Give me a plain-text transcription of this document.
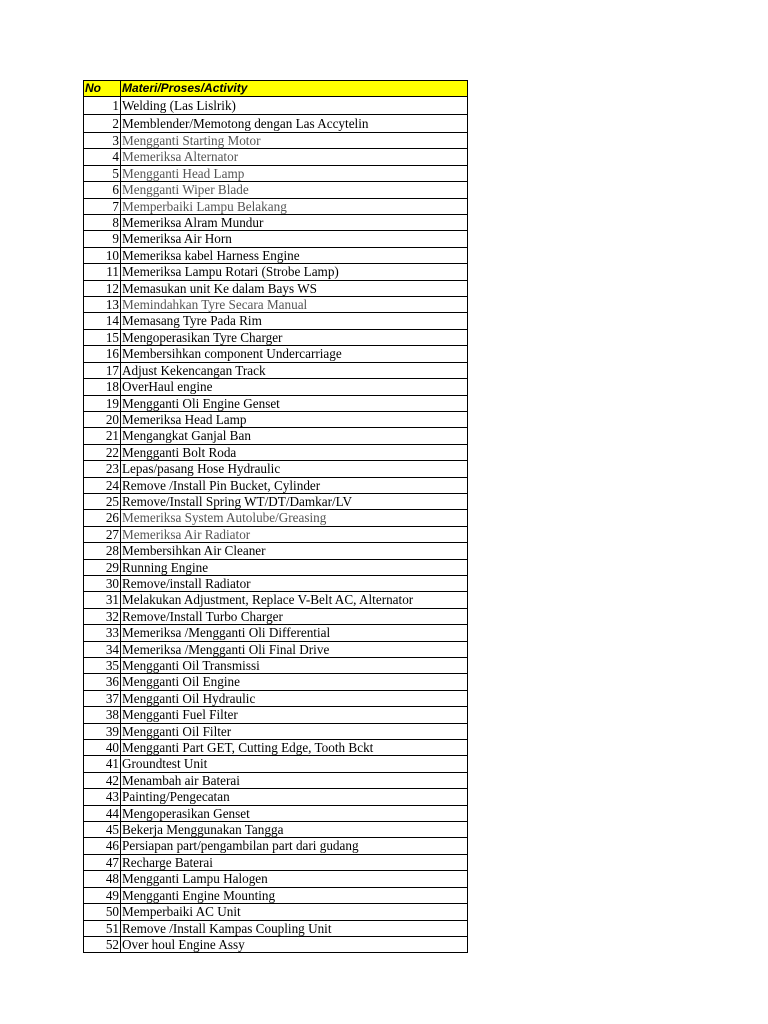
No	Materi/Proses/Activity
1	Welding (Las Lislrik)
2	Memblender/Memotong dengan Las Accytelin
3	Mengganti Starting Motor
4	Memeriksa Alternator
5	Mengganti Head Lamp
6	Mengganti Wiper Blade
7	Memperbaiki Lampu Belakang
8	Memeriksa Alram Mundur
9	Memeriksa Air Horn
10	Memeriksa kabel Harness Engine
11	Memeriksa Lampu Rotari (Strobe Lamp)
12	Memasukan unit Ke dalam Bays WS
13	Memindahkan Tyre Secara Manual
14	Memasang Tyre Pada Rim
15	Mengoperasikan Tyre Charger
16	Membersihkan component Undercarriage
17	Adjust Kekencangan Track
18	OverHaul engine
19	Mengganti Oli Engine Genset
20	Memeriksa Head Lamp
21	Mengangkat Ganjal Ban
22	Mengganti Bolt Roda
23	Lepas/pasang Hose Hydraulic
24	Remove /Install Pin Bucket, Cylinder
25	Remove/Install Spring WT/DT/Damkar/LV
26	Memeriksa System Autolube/Greasing
27	Memeriksa Air Radiator
28	Membersihkan Air Cleaner
29	Running Engine
30	Remove/install Radiator
31	Melakukan Adjustment, Replace V-Belt AC, Alternator
32	Remove/Install Turbo Charger
33	Memeriksa /Mengganti Oli Differential
34	Memeriksa /Mengganti Oli Final Drive
35	Mengganti Oil Transmissi
36	Mengganti Oil Engine
37	Mengganti Oil Hydraulic
38	Mengganti Fuel Filter
39	Mengganti Oil Filter
40	Mengganti Part GET, Cutting Edge, Tooth Bckt
41	Groundtest Unit
42	Menambah air Baterai
43	Painting/Pengecatan
44	Mengoperasikan Genset
45	Bekerja Menggunakan Tangga
46	Persiapan part/pengambilan part dari gudang
47	Recharge Baterai
48	Mengganti Lampu Halogen
49	Mengganti Engine Mounting
50	Memperbaiki AC Unit
51	Remove /Install Kampas Coupling Unit
52	Over houl Engine Assy
